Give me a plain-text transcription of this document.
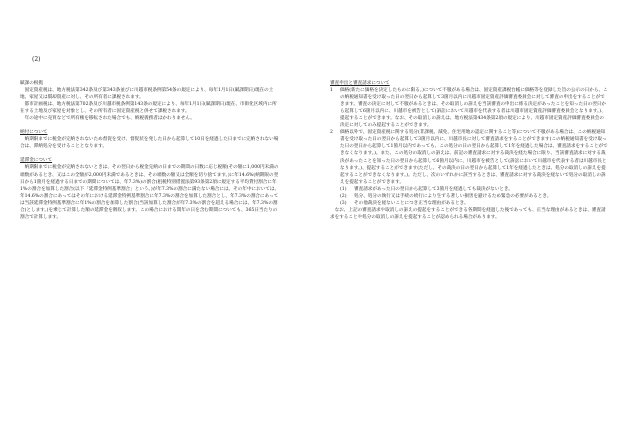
(2)
賦課の根拠

固定資産税は、地方税法第342条及び第343条並びに川越市税条例第54条の規定により、毎年1月1日(賦課期日)現在の土地、家屋又は償却資産に対し、その所有者に課税されます。

都市計画税は、地方税法第702条及び川越市税条例第143条の規定により、毎年1月1日(賦課期日)現在、市街化区域内に所在する土地及び家屋を対象とし、その所有者に固定資産税と併せて課税されます。

年の途中に売買などで所有権を移転された場合でも、納税義務者はかわりません。

納付について

納期限までに税金が完納されないため督促を受け、督促状を発した日から起算して10日を経過した日までに完納されない場合は、滞納処分を受けることとなります。

延滞金について

納期限までに税金が完納されないときは、その翌日から税金完納の日までの期間の日数に応じ税額(その額に1,000円未満の端数があるとき、又はこの全額が2,000円未満であるときは、その端数の額又は全額を切り捨てます。)に年14.6%(納期限の翌日から1箇月を経過する日までの期間については、年7.3%)の割合(租税特別措置法第93条第2項に規定する平均貸付割合に年1%の割合を加算した割合(以下「延滞金特例基準割合」という。)が年7.3%の割合に満たない場合には、その年中においては、年14.6%の割合にあってはその年における延滞金特例基準割合に年7.3%の割合を加算した割合とし、年7.3%の割合にあっては当該延滞金特例基準割合に年1%の割合を加算した割合(当該加算した割合が年7.3%の割合を超える場合には、年7.3%の割合)とします。)を乗じて計算した額の延滞金を徴収します。この場合における閏年の日を含む期間についても、365日当たりの割合で計算します。

審査申出と審査請求について
1	価格(新たに価格を決定したものに限る。)について不服がある場合は、固定資産課税台帳に価格等を登録した旨の公示の日から、この納税通知書を受け取った日の翌日から起算して3箇月以内に川越市固定資産評価審査委員会に対して審査の申出をすることができます。審査の決定に対して不服があるときは、その取消しの訴えを当該審査の申出に係る決定があったことを知った日の翌日から起算して6箇月以内に、川越市を被告として(訴訟において川越市を代表する者は川越市固定資産評価審査委員会となります。)、提起することができます。なお、その取消しの訴えは、地方税法第434条第2項の規定により、川越市固定資産評価審査委員会の決定に対してのみ提起することができます。
2	価格以外で、固定資産税に関する処分(非課税、減免、住宅用地の認定に関すること等)について不服がある場合は、この納税通知書を受け取った日の翌日から起算して3箇月以内に、川越市長に対して審査請求をすることができます(この納税通知書を受け取った日の翌日から起算して1箇月以内であっても、この処分の日の翌日から起算して1年を経過した場合は、審査請求をすることができなくなります。)。また、この処分の取消しの訴えは、前記の審査請求に対する裁決を経た場合に限り、当該審査請求に対する裁決があったことを知った日の翌日から起算して6箇月以内に、川越市を被告として(訴訟において川越市を代表する者は川越市長となります。)、提起することができます(ただし、その裁決の日の翌日から起算して1年を経過したときは、処分の取消しの訴えを提起することができなくなります。)。ただし、次のいずれかに該当するときは、審査請求に対する裁決を経ないで処分の取消しの訴えを提起することができます。
(1)	審査請求があった日の翌日から起算して3箇月を経過しても裁決がないとき。
(2)	処分、処分の執行又は手続の続行により生ずる著しい損害を避けるため緊急の必要があるとき。
(3)	その他裁決を経ないことにつき正当な理由があるとき。

なお、上記の審査請求や取消しの訴えの提起をすることができる各期間を経過した後であっても、正当な理由があるときは、審査請求をすることや処分の取消しの訴えを提起することが認められる場合があります。
